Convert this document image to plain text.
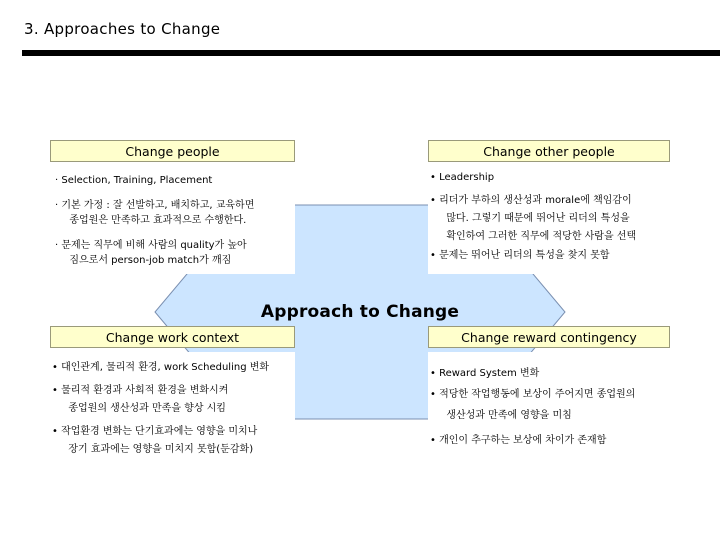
3. Approaches to Change
Change people
· Selection, Training, Placement
· 기본 가정 : 잘 선발하고, 배치하고, 교육하면
종업원은 만족하고 효과적으로 수행한다.
· 문제는 직무에 비해 사람의 quality가 높아
짐으로서 person-job match가 깨짐
Change other people
• Leadership
• 리더가 부하의 생산성과 morale에 책임감이
많다. 그렇기 때문에 뛰어난 리더의 특성을
확인하여 그러한 직무에 적당한 사람을 선택
• 문제는 뛰어난 리더의 특성을 찾지 못함
Approach to Change
Change work context
• 대인관계, 물리적 환경, work Scheduling 변화
• 물리적 환경과 사회적 환경을 변화시켜
종업원의 생산성과 만족을 향상 시킴
• 작업환경 변화는 단기효과에는 영향을 미치나
장기 효과에는 영향을 미치지 못함(둔감화)
Change reward contingency
• Reward System 변화
• 적당한 작업행동에 보상이 주어지면 종업원의
생산성과 만족에 영향을 미침
• 개인이 추구하는 보상에 차이가 존재함
